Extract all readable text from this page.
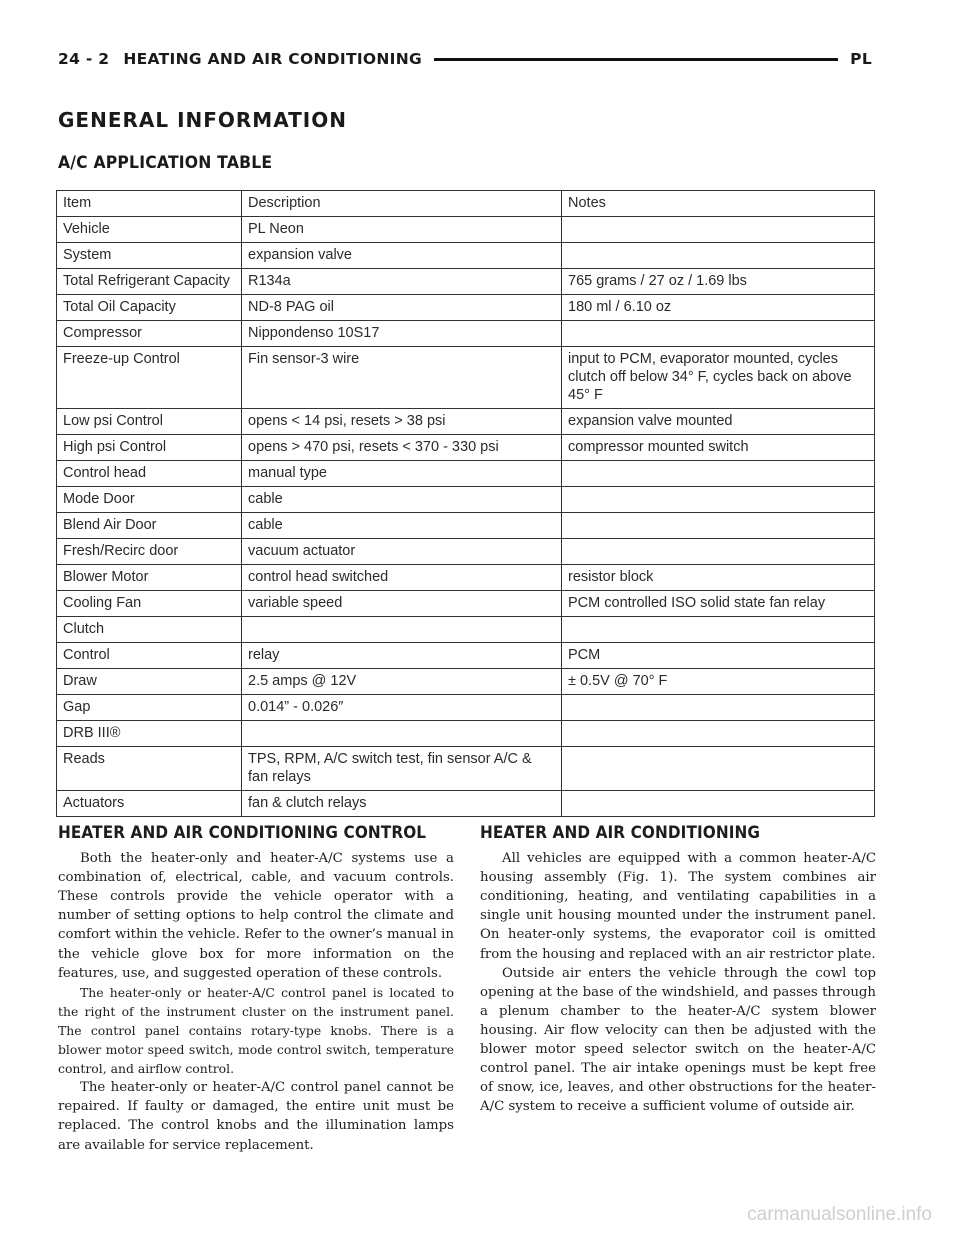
24 - 2 HEATING AND AIR CONDITIONING	PL
GENERAL INFORMATION
A/C APPLICATION TABLE
Item	Description	Notes
Vehicle	PL Neon	
System	expansion valve	
Total Refrigerant Capacity	R134a	765 grams / 27 oz / 1.69 lbs
Total Oil Capacity	ND-8 PAG oil	180 ml / 6.10 oz
Compressor	Nippondenso 10S17	
Freeze-up Control	Fin sensor-3 wire	input to PCM, evaporator mounted, cycles clutch off below 34° F, cycles back on above 45° F
Low psi Control	opens < 14 psi, resets > 38 psi	expansion valve mounted
High psi Control	opens > 470 psi, resets < 370 - 330 psi	compressor mounted switch
Control head	manual type	
Mode Door	cable	
Blend Air Door	cable	
Fresh/Recirc door	vacuum actuator	
Blower Motor	control head switched	resistor block
Cooling Fan	variable speed	PCM controlled ISO solid state fan relay
Clutch		
Control	relay	PCM
Draw	2.5 amps @ 12V	± 0.5V @ 70° F
Gap	0.014” - 0.026″	
DRB III®		
Reads	TPS, RPM, A/C switch test, fin sensor A/C & fan relays	
Actuators	fan & clutch relays	
HEATER AND AIR CONDITIONING CONTROL

Both the heater-only and heater-A/C systems use a combination of, electrical, cable, and vacuum controls. These controls provide the vehicle operator with a number of setting options to help control the climate and comfort within the vehicle. Refer to the owner’s manual in the vehicle glove box for more information on the features, use, and suggested operation of these controls.

The heater-only or heater-A/C control panel is located to the right of the instrument cluster on the instrument panel. The control panel contains rotary-type knobs. There is a blower motor speed switch, mode control switch, temperature control, and airflow control.

The heater-only or heater-A/C control panel cannot be repaired. If faulty or damaged, the entire unit must be replaced. The control knobs and the illumination lamps are available for service replacement.

HEATER AND AIR CONDITIONING

All vehicles are equipped with a common heater-A/C housing assembly (Fig. 1). The system combines air conditioning, heating, and ventilating capabilities in a single unit housing mounted under the instrument panel. On heater-only systems, the evaporator coil is omitted from the housing and replaced with an air restrictor plate.

Outside air enters the vehicle through the cowl top opening at the base of the windshield, and passes through a plenum chamber to the heater-A/C system blower housing. Air flow velocity can then be adjusted with the blower motor speed selector switch on the heater-A/C control panel. The air intake openings must be kept free of snow, ice, leaves, and other obstructions for the heater-A/C system to receive a sufficient volume of outside air.

carmanualsonline.info
